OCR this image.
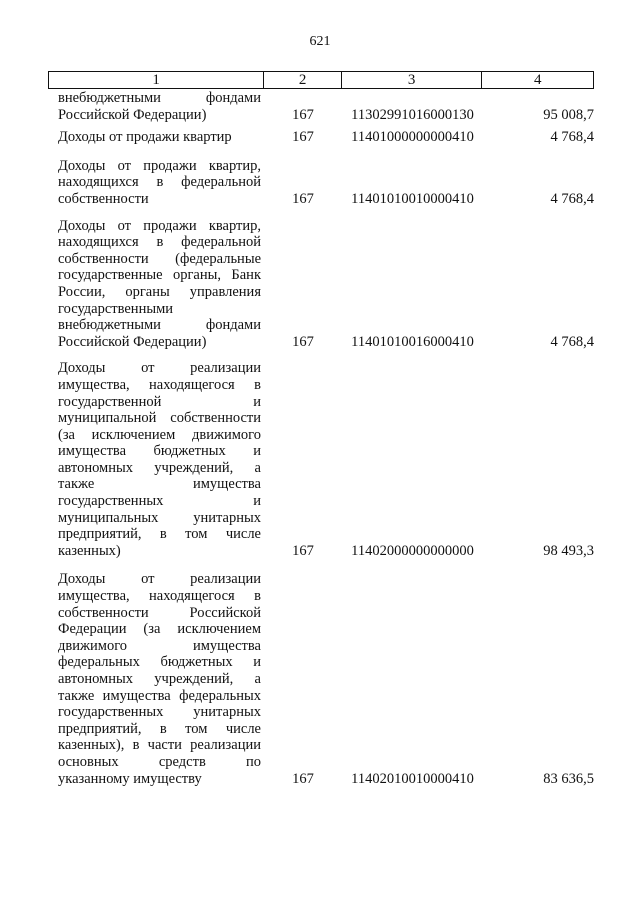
621
1	2	3	4
внебюджетными фондами
Российской Федерации)	167	11302991016000130	95 008,7
Доходы от продажи квартир	167	11401000000000410	4 768,4
Доходы от продажи квартир,
находящихся в федеральной
собственности	167	11401010010000410	4 768,4
Доходы от продажи квартир,
находящихся в федеральной
собственности (федеральные
государственные органы, Банк
России, органы управления
государственными
внебюджетными фондами
Российской Федерации)	167	11401010016000410	4 768,4
Доходы от реализации
имущества, находящегося в
государственной и
муниципальной собственности
(за исключением движимого
имущества бюджетных и
автономных учреждений, а
также имущества
государственных и
муниципальных унитарных
предприятий, в том числе
казенных)	167	11402000000000000	98 493,3
Доходы от реализации
имущества, находящегося в
собственности Российской
Федерации (за исключением
движимого имущества
федеральных бюджетных и
автономных учреждений, а
также имущества федеральных
государственных унитарных
предприятий, в том числе
казенных), в части реализации
основных средств по
указанному имуществу	167	11402010010000410	83 636,5
